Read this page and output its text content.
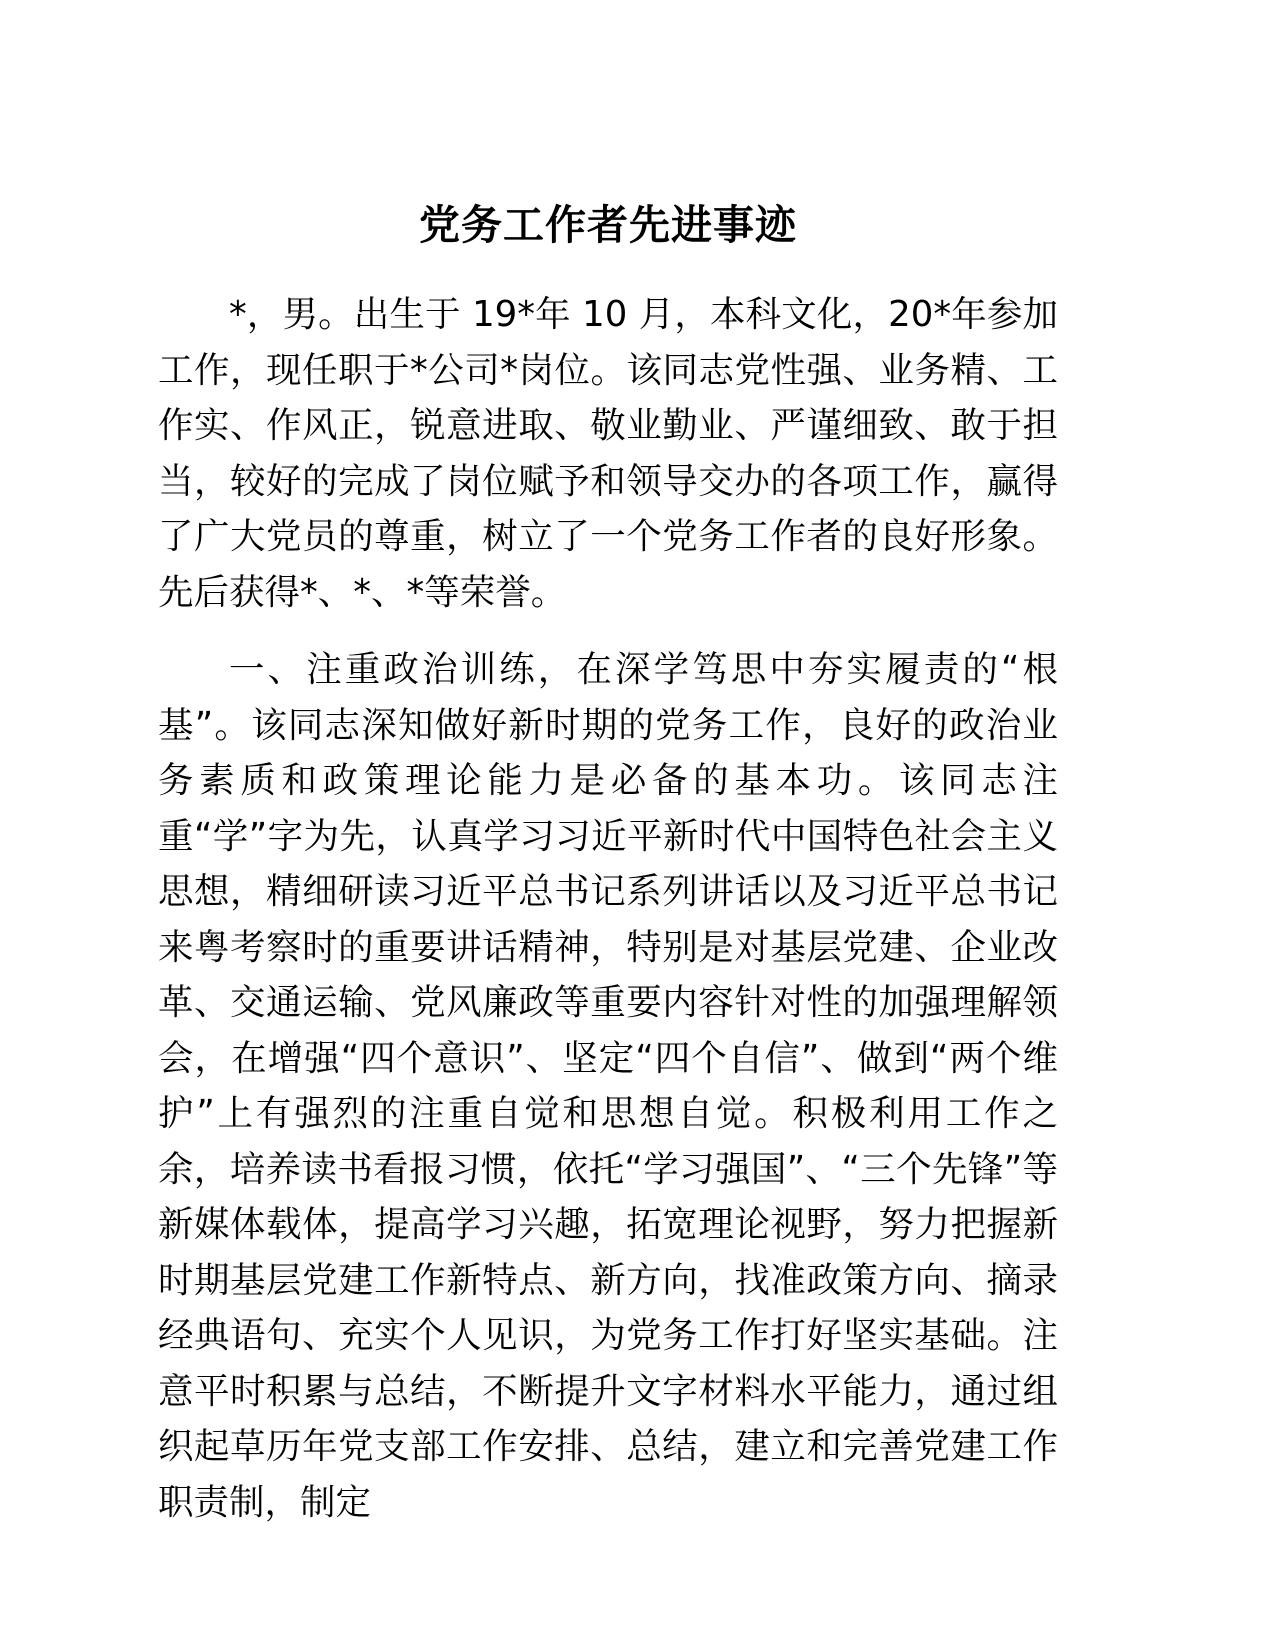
党务工作者先进事迹

*，男。出生于 19*年 10 月，本科文化，20*年参加工作，现任职于*公司*岗位。该同志党性强、业务精、工作实、作风正，锐意进取、敬业勤业、严谨细致、敢于担当，较好的完成了岗位赋予和领导交办的各项工作，赢得了广大党员的尊重，树立了一个党务工作者的良好形象。先后获得*、*、*等荣誉。

一、注重政治训练，在深学笃思中夯实履责的“根基”。该同志深知做好新时期的党务工作，良好的政治业务素质和政策理论能力是必备的基本功。该同志注重“学”字为先，认真学习习近平新时代中国特色社会主义思想，精细研读习近平总书记系列讲话以及习近平总书记来粤考察时的重要讲话精神，特别是对基层党建、企业改革、交通运输、党风廉政等重要内容针对性的加强理解领会，在增强“四个意识”、坚定“四个自信”、做到“两个维护”上有强烈的注重自觉和思想自觉。积极利用工作之余，培养读书看报习惯，依托“学习强国”、“三个先锋”等新媒体载体，提高学习兴趣，拓宽理论视野，努力把握新时期基层党建工作新特点、新方向，找准政策方向、摘录经典语句、充实个人见识，为党务工作打好坚实基础。注意平时积累与总结，不断提升文字材料水平能力，通过组织起草历年党支部工作安排、总结，建立和完善党建工作职责制，制定
